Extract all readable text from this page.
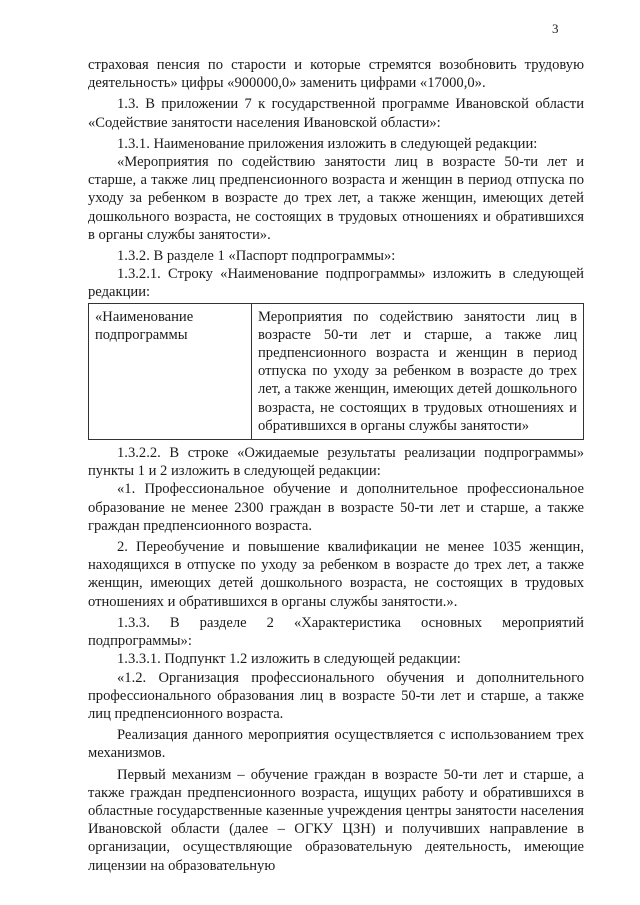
3

страховая пенсия по старости и которые стремятся возобновить трудовую деятельность» цифры «900000,0» заменить цифрами «17000,0».

1.3. В приложении 7 к государственной программе Ивановской области «Содействие занятости населения Ивановской области»:

1.3.1. Наименование приложения изложить в следующей редакции:

«Мероприятия по содействию занятости лиц в возрасте 50-ти лет и старше, а также лиц предпенсионного возраста и женщин в период отпуска по уходу за ребенком в возрасте до трех лет, а также женщин, имеющих детей дошкольного возраста, не состоящих в трудовых отношениях и обратившихся в органы службы занятости».

1.3.2. В разделе 1 «Паспорт подпрограммы»:

1.3.2.1. Строку «Наименование подпрограммы» изложить в следующей редакции:

«Наименование подпрограммы	Мероприятия по содействию занятости лиц в возрасте 50-ти лет и старше, а также лиц предпенсионного возраста и женщин в период отпуска по уходу за ребенком в возрасте до трех лет, а также женщин, имеющих детей дошкольного возраста, не состоящих в трудовых отношениях и обратившихся в органы службы занятости»

1.3.2.2. В строке «Ожидаемые результаты реализации подпрограммы» пункты 1 и 2 изложить в следующей редакции:

«1. Профессиональное обучение и дополнительное профессиональное образование не менее 2300 граждан в возрасте 50-ти лет и старше, а также граждан предпенсионного возраста.

2. Переобучение и повышение квалификации не менее 1035 женщин, находящихся в отпуске по уходу за ребенком в возрасте до трех лет, а также женщин, имеющих детей дошкольного возраста, не состоящих в трудовых отношениях и обратившихся в органы службы занятости.».

1.3.3. В разделе 2 «Характеристика основных мероприятий подпрограммы»:

1.3.3.1. Подпункт 1.2 изложить в следующей редакции:

«1.2. Организация профессионального обучения и дополнительного профессионального образования лиц в возрасте 50-ти лет и старше, а также лиц предпенсионного возраста.

Реализация данного мероприятия осуществляется с использованием трех механизмов.

Первый механизм – обучение граждан в возрасте 50-ти лет и старше, а также граждан предпенсионного возраста, ищущих работу и обратившихся в областные государственные казенные учреждения центры занятости населения Ивановской области (далее – ОГКУ ЦЗН) и получивших направление в организации, осуществляющие образовательную деятельность, имеющие лицензии на образовательную
